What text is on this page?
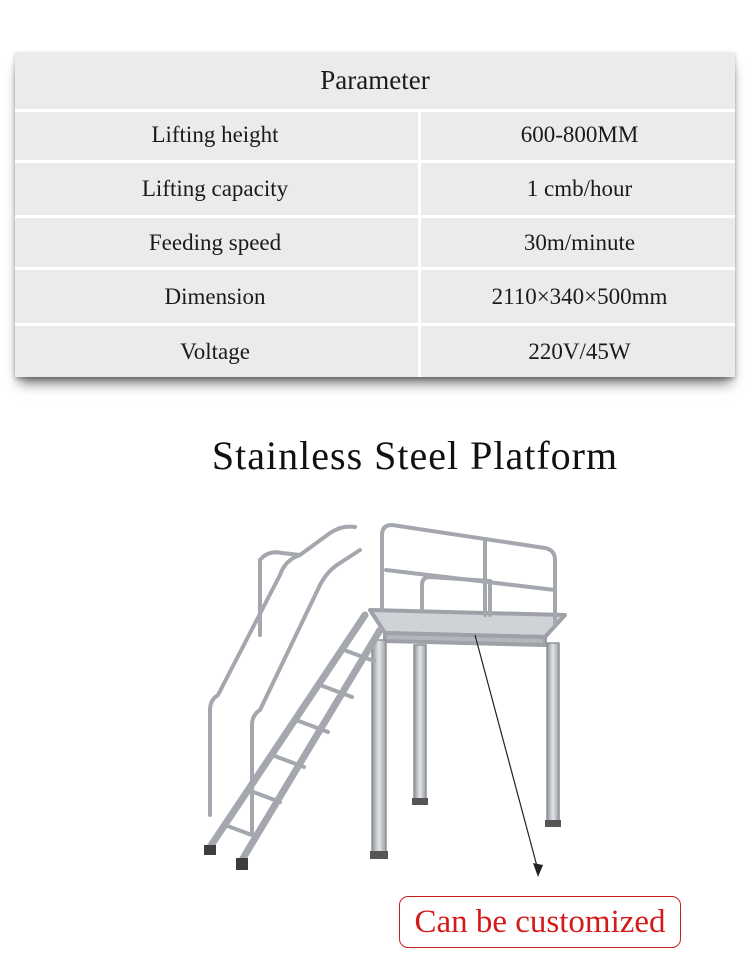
Parameter
Lifting height	600-800MM
Lifting capacity	1 cmb/hour
Feeding speed	30m/minute
Dimension	2110×340×500mm
Voltage	220V/45W
Stainless Steel Platform
Can be customized
